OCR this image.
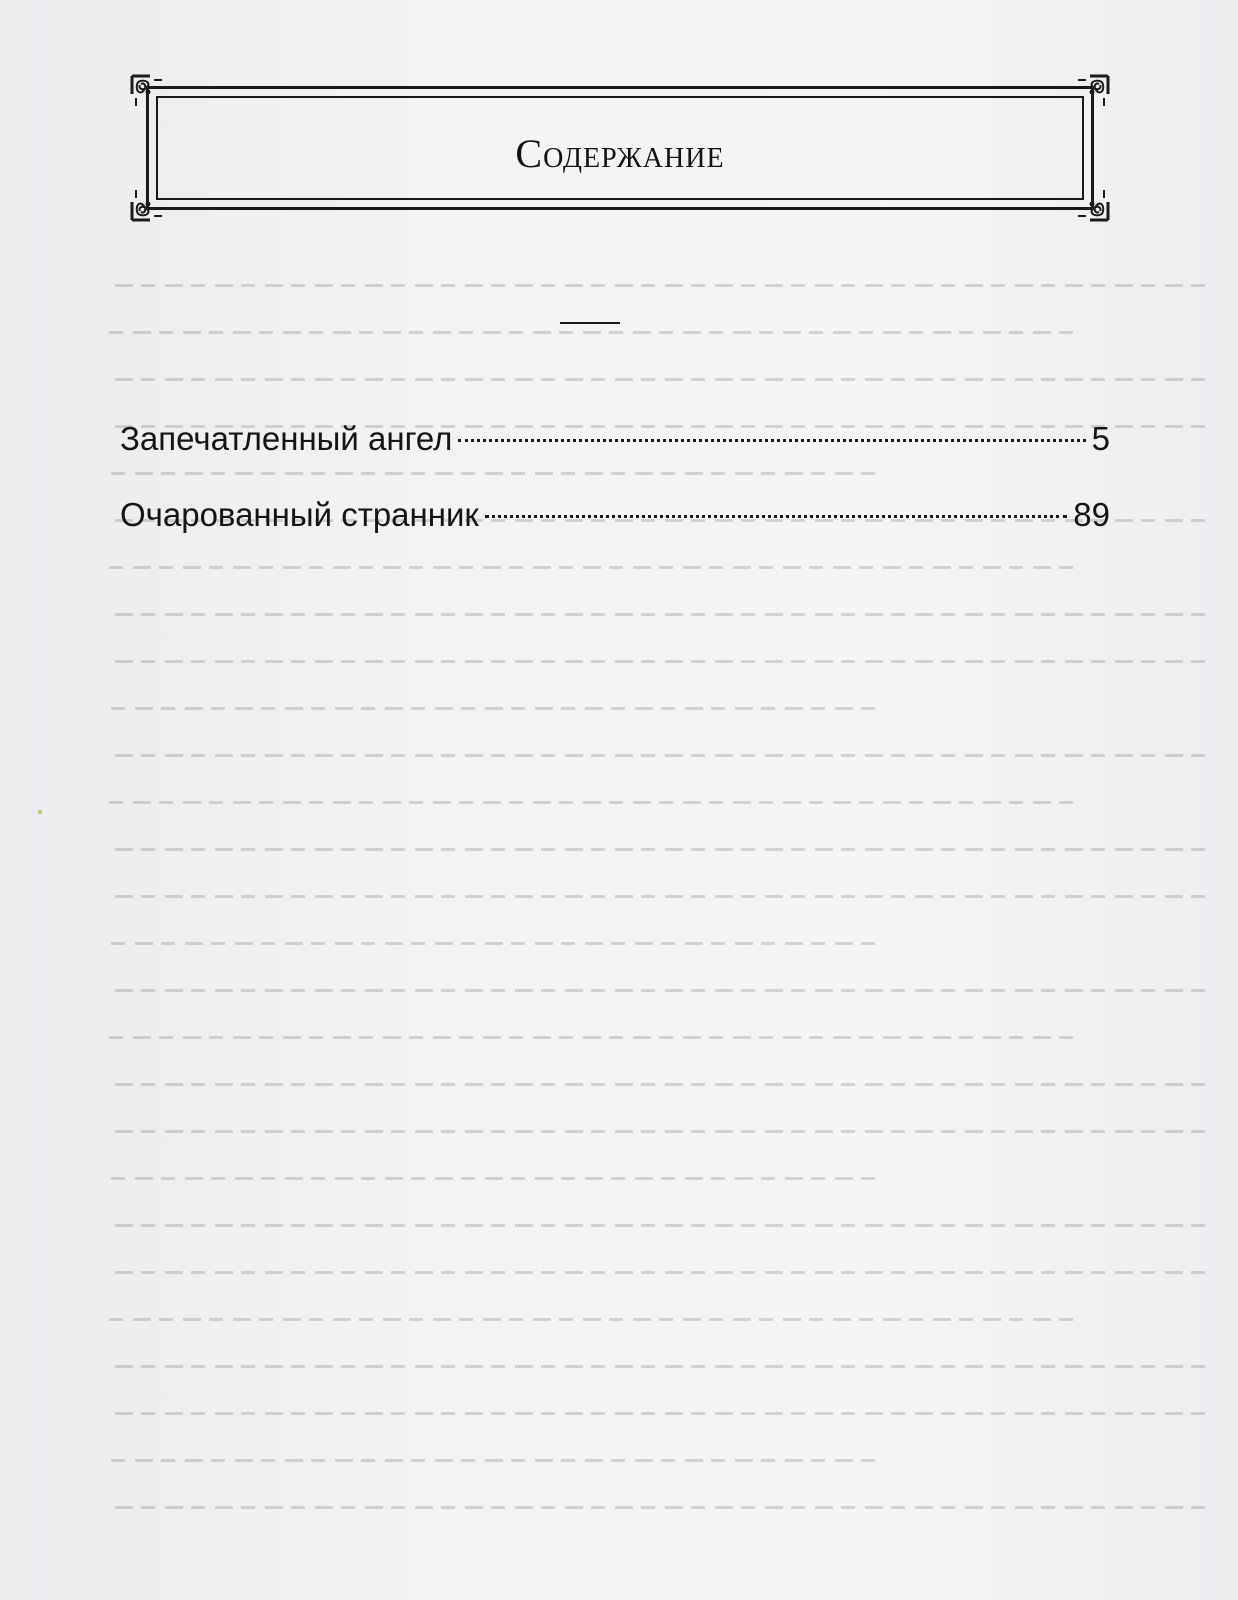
Содержание
Запечатленный ангел	5
Очарованный странник	89
